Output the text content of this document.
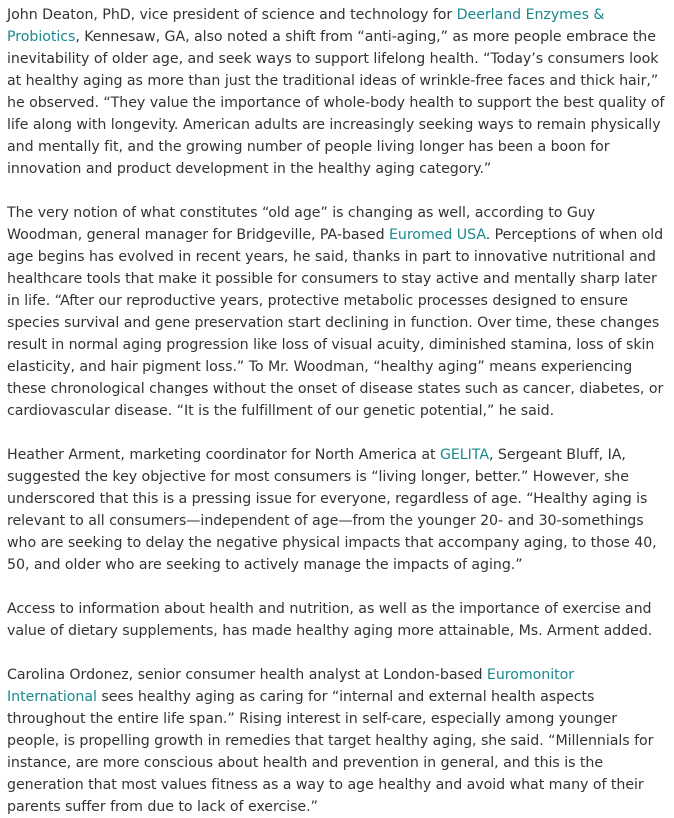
John Deaton, PhD, vice president of science and technology for Deerland Enzymes & Probiotics, Kennesaw, GA, also noted a shift from “anti-aging,” as more people embrace the inevitability of older age, and seek ways to support lifelong health. “Today’s consumers look at healthy aging as more than just the traditional ideas of wrinkle-free faces and thick hair,” he observed. “They value the importance of whole-body health to support the best quality of life along with longevity. American adults are increasingly seeking ways to remain physically and mentally fit, and the growing number of people living longer has been a boon for innovation and product development in the healthy aging category.”

The very notion of what constitutes “old age” is changing as well, according to Guy Woodman, general manager for Bridgeville, PA-based Euromed USA. Perceptions of when old age begins has evolved in recent years, he said, thanks in part to innovative nutritional and healthcare tools that make it possible for consumers to stay active and mentally sharp later in life. “After our reproductive years, protective metabolic processes designed to ensure species survival and gene preservation start declining in function. Over time, these changes result in normal aging progression like loss of visual acuity, diminished stamina, loss of skin elasticity, and hair pigment loss.” To Mr. Woodman, “healthy aging” means experiencing these chronological changes without the onset of disease states such as cancer, diabetes, or cardiovascular disease. “It is the fulfillment of our genetic potential,” he said.

Heather Arment, marketing coordinator for North America at GELITA, Sergeant Bluff, IA, suggested the key objective for most consumers is “living longer, better.” However, she underscored that this is a pressing issue for everyone, regardless of age. “Healthy aging is relevant to all consumers—independent of age—from the younger 20- and 30-somethings who are seeking to delay the negative physical impacts that accompany aging, to those 40, 50, and older who are seeking to actively manage the impacts of aging.”

Access to information about health and nutrition, as well as the importance of exercise and value of dietary supplements, has made healthy aging more attainable, Ms. Arment added.

Carolina Ordonez, senior consumer health analyst at London-based Euromonitor International sees healthy aging as caring for “internal and external health aspects throughout the entire life span.” Rising interest in self-care, especially among younger people, is propelling growth in remedies that target healthy aging, she said. “Millennials for instance, are more conscious about health and prevention in general, and this is the generation that most values fitness as a way to age healthy and avoid what many of their parents suffer from due to lack of exercise.”
